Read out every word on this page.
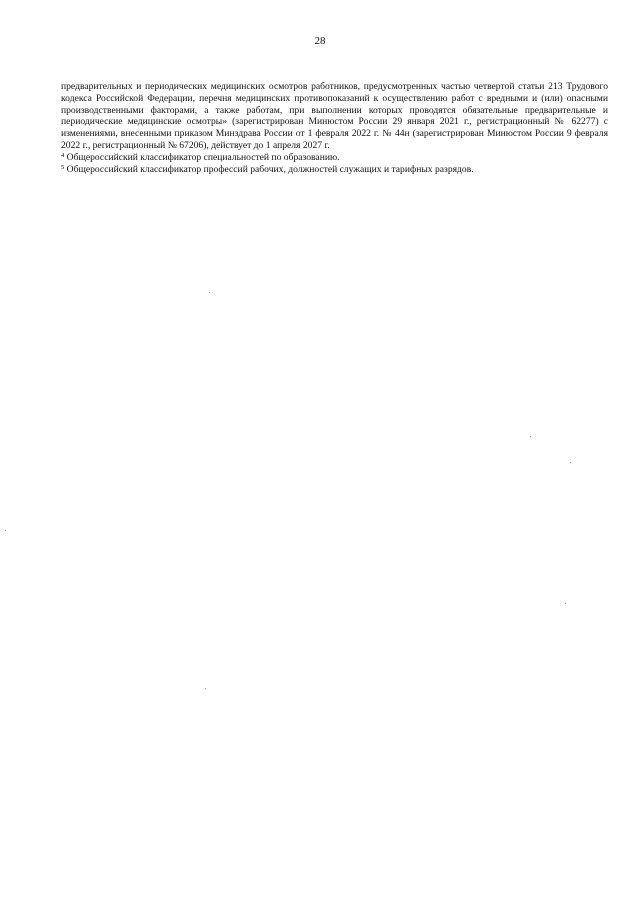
28

предварительных и периодических медицинских осмотров работников, предусмотренных частью четвертой статьи 213 Трудового кодекса Российской Федерации, перечня медицинских противопоказаний к осуществлению работ с вредными и (или) опасными производственными факторами, а также работам, при выполнении которых проводятся обязательные предварительные и периодические медицинские осмотры» (зарегистрирован Минюстом России 29 января 2021 г., регистрационный № 62277) с изменениями, внесенными приказом Минздрава России от 1 февраля 2022 г. № 44н (зарегистрирован Минюстом России 9 февраля 2022 г., регистрационный № 67206), действует до 1 апреля 2027 г.

$^4$ Общероссийский классификатор специальностей по образованию.

$^5$ Общероссийский классификатор профессий рабочих, должностей служащих и тарифных разрядов.
